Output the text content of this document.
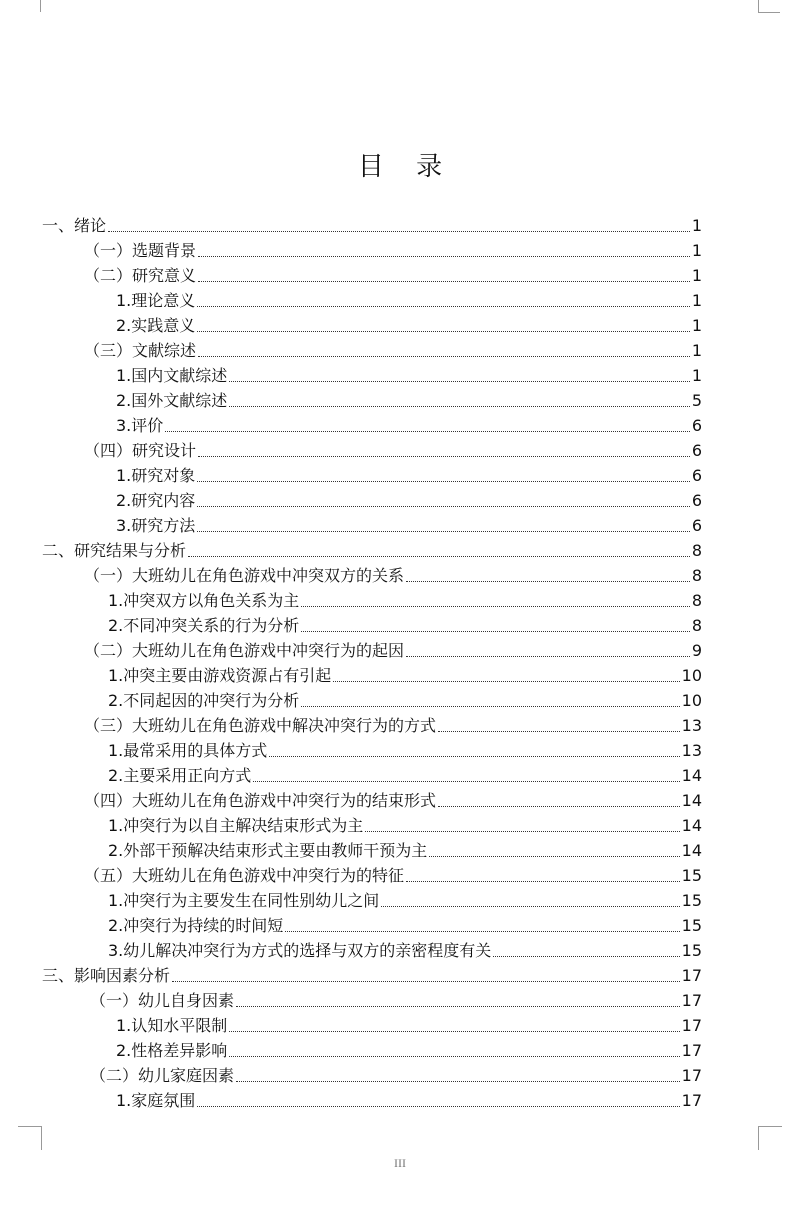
目 录
一、绪论	1
（一）选题背景	1
（二）研究意义	1
1.理论意义	1
2.实践意义	1
（三）文献综述	1
1.国内文献综述	1
2.国外文献综述	5
3.评价	6
（四）研究设计	6
1.研究对象	6
2.研究内容	6
3.研究方法	6
二、研究结果与分析	8
（一）大班幼儿在角色游戏中冲突双方的关系	8
1.冲突双方以角色关系为主	8
2.不同冲突关系的行为分析	8
（二）大班幼儿在角色游戏中冲突行为的起因	9
1.冲突主要由游戏资源占有引起	10
2.不同起因的冲突行为分析	10
（三）大班幼儿在角色游戏中解决冲突行为的方式	13
1.最常采用的具体方式	13
2.主要采用正向方式	14
（四）大班幼儿在角色游戏中冲突行为的结束形式	14
1.冲突行为以自主解决结束形式为主	14
2.外部干预解决结束形式主要由教师干预为主	14
（五）大班幼儿在角色游戏中冲突行为的特征	15
1.冲突行为主要发生在同性别幼儿之间	15
2.冲突行为持续的时间短	15
3.幼儿解决冲突行为方式的选择与双方的亲密程度有关	15
三、影响因素分析	17
（一）幼儿自身因素	17
1.认知水平限制	17
2.性格差异影响	17
（二）幼儿家庭因素	17
1.家庭氛围	17
III
